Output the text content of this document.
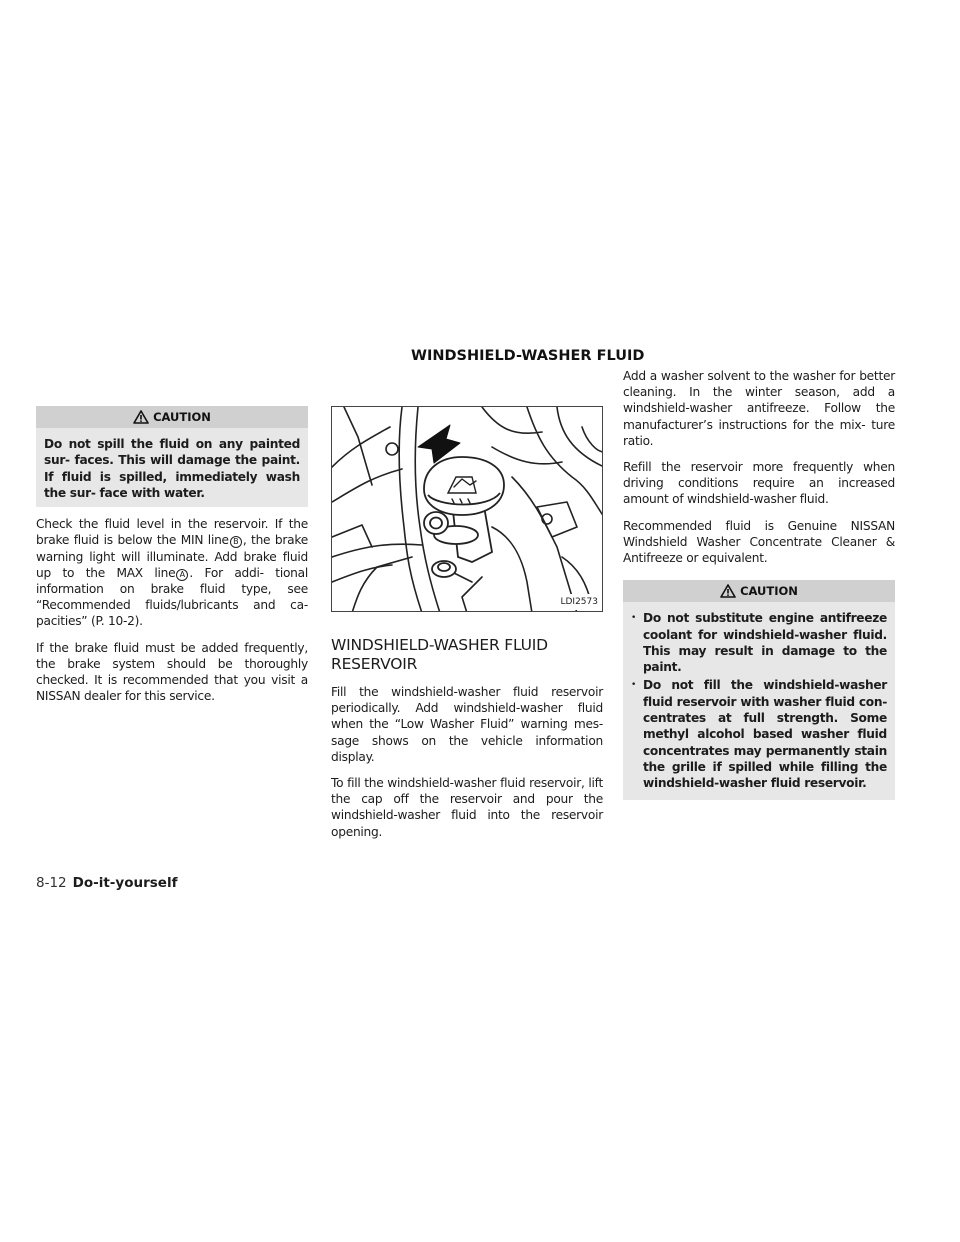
WINDSHIELD-WASHER FLUID
CAUTION
Do not spill the fluid on any painted sur- faces. This will damage the paint. If fluid is spilled, immediately wash the sur- face with water.

Check the fluid level in the reservoir. If the brake fluid is below the MIN line B , the brake warning light will illuminate. Add brake fluid up to the MAX line A . For addi- tional information on brake fluid type, see “Recommended fluids/lubricants and ca- pacities” (P. 10-2).

If the brake fluid must be added frequently, the brake system should be thoroughly checked. It is recommended that you visit a NISSAN dealer for this service.

LDI2573
WINDSHIELD-WASHER FLUID RESERVOIR

Fill the windshield-washer fluid reservoir periodically. Add windshield-washer fluid when the “Low Washer Fluid” warning mes- sage shows on the vehicle information display.

To fill the windshield-washer fluid reservoir, lift the cap off the reservoir and pour the windshield-washer fluid into the reservoir opening.

Add a washer solvent to the washer for better cleaning. In the winter season, add a windshield-washer antifreeze. Follow the manufacturer’s instructions for the mix- ture ratio.

Refill the reservoir more frequently when driving conditions require an increased amount of windshield-washer fluid.

Recommended fluid is Genuine NISSAN Windshield Washer Concentrate Cleaner & Antifreeze or equivalent.

CAUTION
• Do not substitute engine antifreeze coolant for windshield-washer fluid. This may result in damage to the paint.
• Do not fill the windshield-washer fluid reservoir with washer fluid con- centrates at full strength. Some methyl alcohol based washer fluid concentrates may permanently stain the grille if spilled while filling the windshield-washer fluid reservoir.
8-12 Do-it-yourself
